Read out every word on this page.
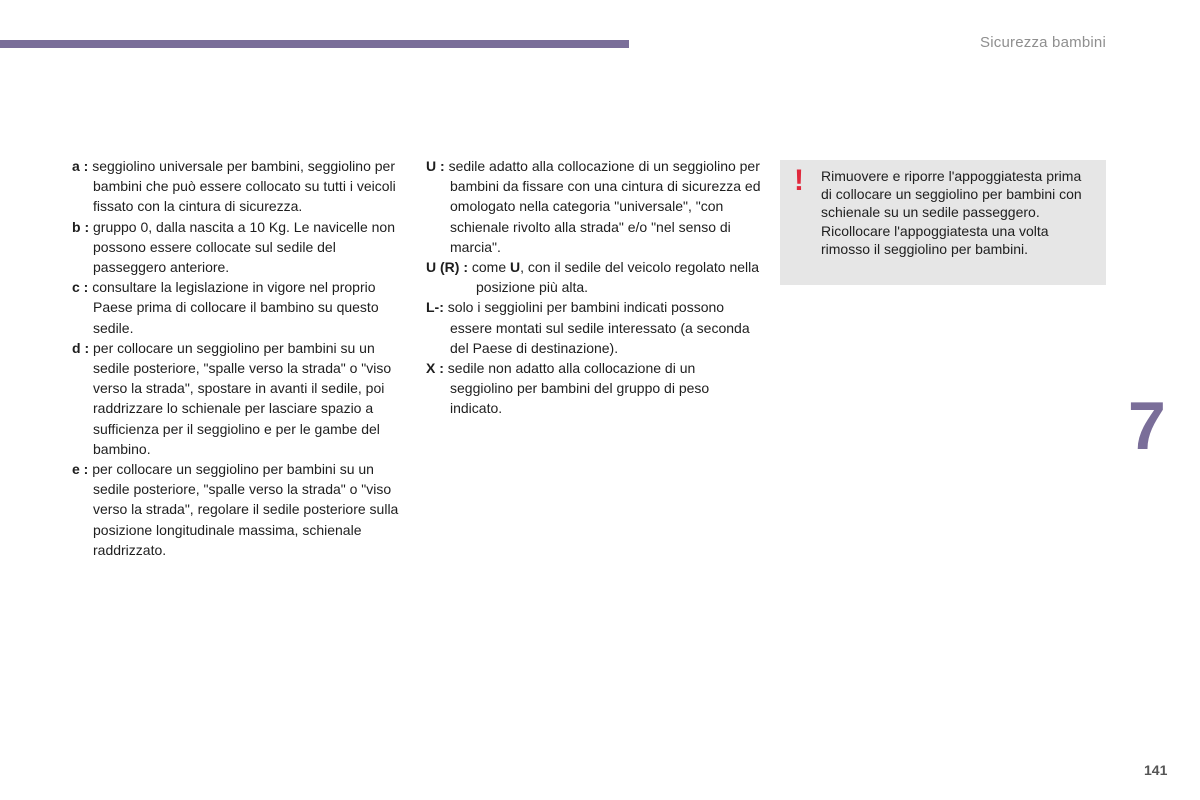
Sicurezza bambini
a : seggiolino universale per bambini, seggiolino per bambini che può essere collocato su tutti i veicoli fissato con la cintura di sicurezza.
b : gruppo 0, dalla nascita a 10 Kg. Le navicelle non possono essere collocate sul sedile del passeggero anteriore.
c : consultare la legislazione in vigore nel proprio Paese prima di collocare il bambino su questo sedile.
d : per collocare un seggiolino per bambini su un sedile posteriore, "spalle verso la strada" o "viso verso la strada", spostare in avanti il sedile, poi raddrizzare lo schienale per lasciare spazio a sufficienza per il seggiolino e per le gambe del bambino.
e : per collocare un seggiolino per bambini su un sedile posteriore, "spalle verso la strada" o "viso verso la strada", regolare il sedile posteriore sulla posizione longitudinale massima, schienale raddrizzato.
U : sedile adatto alla collocazione di un seggiolino per bambini da fissare con una cintura di sicurezza ed omologato nella categoria "universale", "con schienale rivolto alla strada" e/o "nel senso di marcia".
U (R) : come U, con il sedile del veicolo regolato nella posizione più alta.
L-: solo i seggiolini per bambini indicati possono essere montati sul sedile interessato (a seconda del Paese di destinazione).
X : sedile non adatto alla collocazione di un seggiolino per bambini del gruppo di peso indicato.
! Rimuovere e riporre l'appoggiatesta prima di collocare un seggiolino per bambini con schienale su un sedile passeggero. Ricollocare l'appoggiatesta una volta rimosso il seggiolino per bambini.
7
141
